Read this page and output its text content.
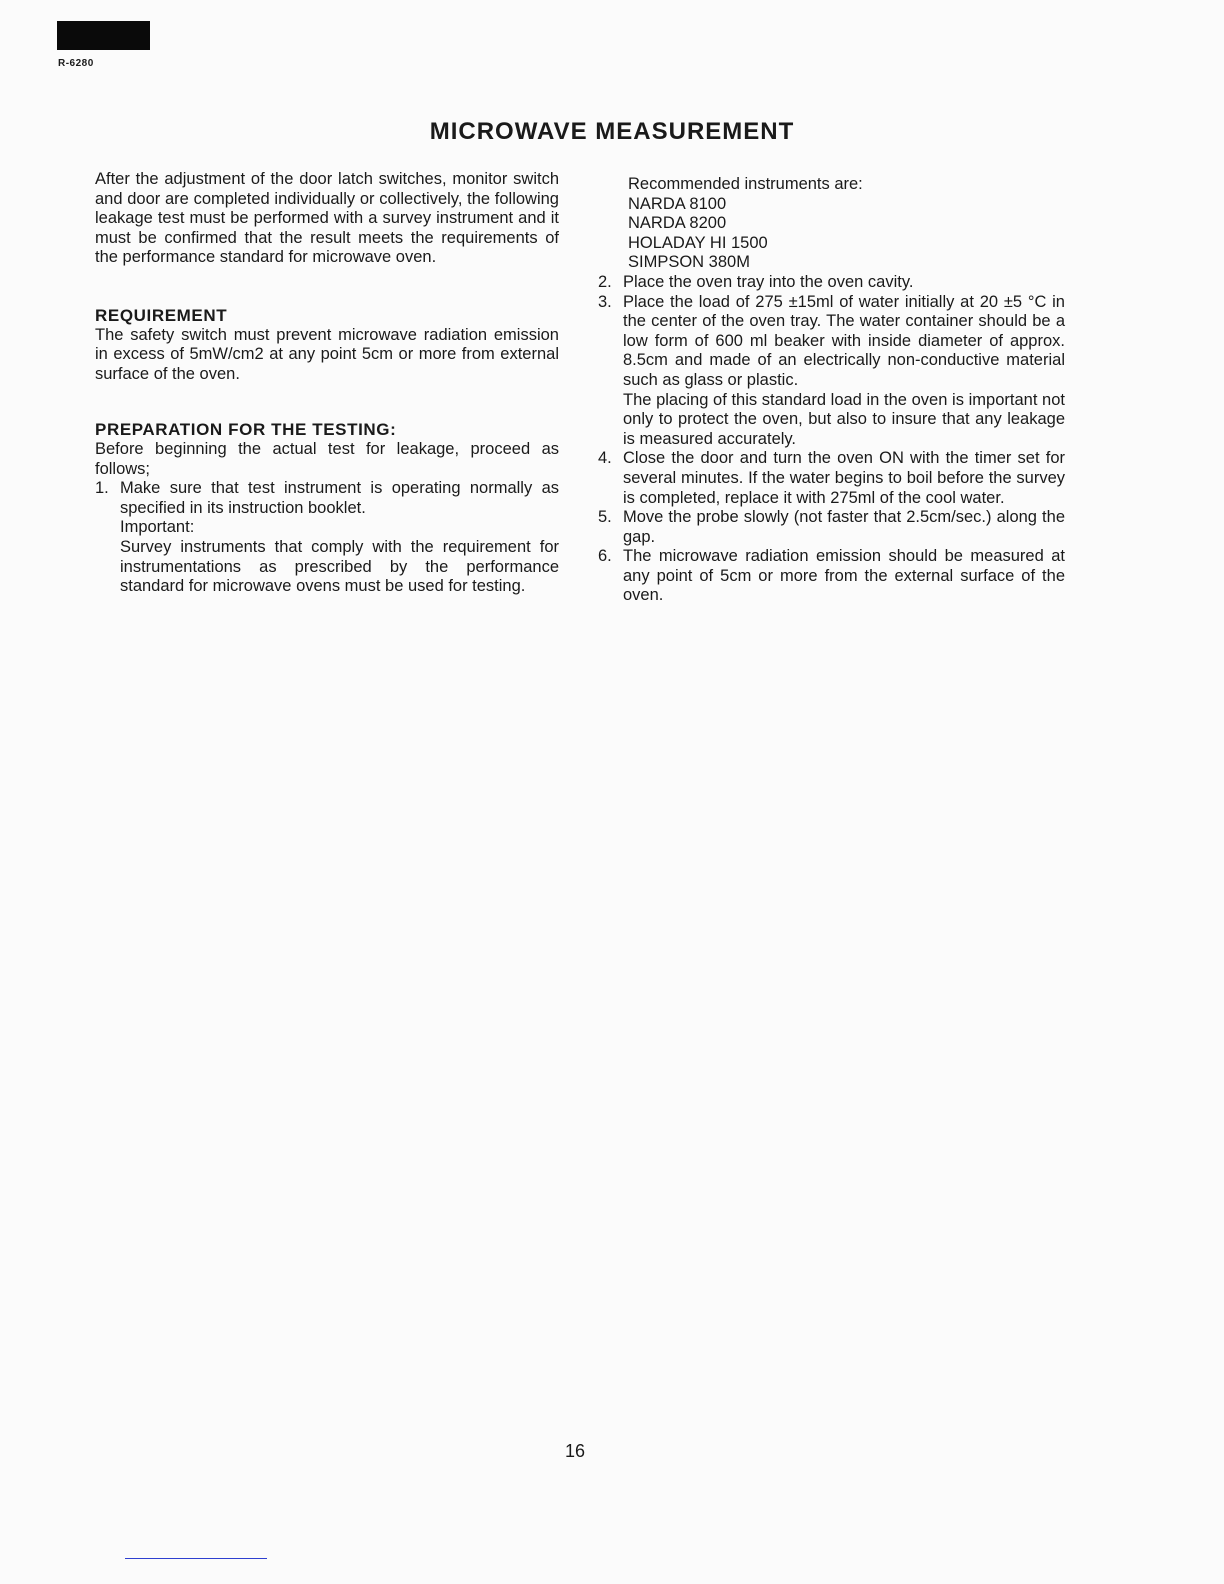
R-6280
MICROWAVE MEASUREMENT

After the adjustment of the door latch switches, monitor switch and door are completed individually or collectively, the following leakage test must be performed with a survey instrument and it must be confirmed that the result meets the requirements of the performance standard for microwave oven.

REQUIREMENT

The safety switch must prevent microwave radiation emission in excess of 5mW/cm2 at any point 5cm or more from external surface of the oven.

PREPARATION FOR THE TESTING:

Before beginning the actual test for leakage, proceed as follows;

1. Make sure that test instrument is operating normally as specified in its instruction booklet.
Important:
Survey instruments that comply with the requirement for instrumentations as prescribed by the performance standard for microwave ovens must be used for testing.
Recommended instruments are:
NARDA 8100
NARDA 8200
HOLADAY HI 1500
SIMPSON 380M
2. Place the oven tray into the oven cavity.
3. Place the load of 275 ±15ml of water initially at 20 ±5 °C in the center of the oven tray. The water container should be a low form of 600 ml beaker with inside diameter of approx. 8.5cm and made of an electrically non-conductive material such as glass or plastic.
The placing of this standard load in the oven is important not only to protect the oven, but also to insure that any leakage is measured accurately.
4. Close the door and turn the oven ON with the timer set for several minutes. If the water begins to boil before the survey is completed, replace it with 275ml of the cool water.
5. Move the probe slowly (not faster that 2.5cm/sec.) along the gap.
6. The microwave radiation emission should be measured at any point of 5cm or more from the external surface of the oven.
16
